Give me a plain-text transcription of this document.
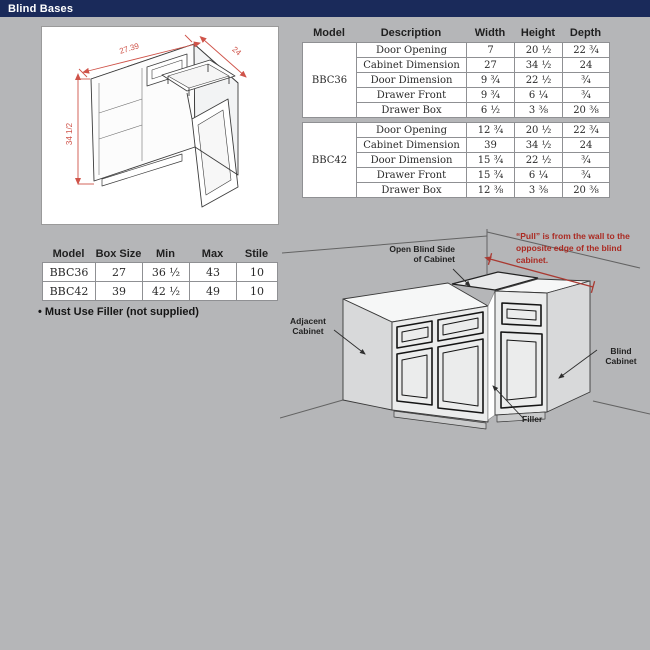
Blind Bases
27.39	24
34 1/2
Model	Description	Width	Height	Depth
BBC36	Door Opening	7	20 ½	22 ¾
	Cabinet Dimension	27	34 ½	24
	Door Dimension	9 ¾	22 ½	¾
	Drawer Front	9 ¾	6 ¼	¾
	Drawer Box	6 ½	3 ⅜	20 ⅜
BBC42	Door Opening	12 ¾	20 ½	22 ¾
	Cabinet Dimension	39	34 ½	24
	Door Dimension	15 ¾	22 ½	¾
	Drawer Front	15 ¾	6 ¼	¾
	Drawer Box	12 ⅜	3 ⅜	20 ⅜
Model	Box Size	Min	Max	Stile
BBC36	27	36 ½	43	10
BBC42	39	42 ½	49	10
• Must Use Filler (not supplied)
Open Blind Side of Cabinet
Adjacent Cabinet
Blind Cabinet
Filler
“Pull” is from the wall to the opposite edge of the blind cabinet.
